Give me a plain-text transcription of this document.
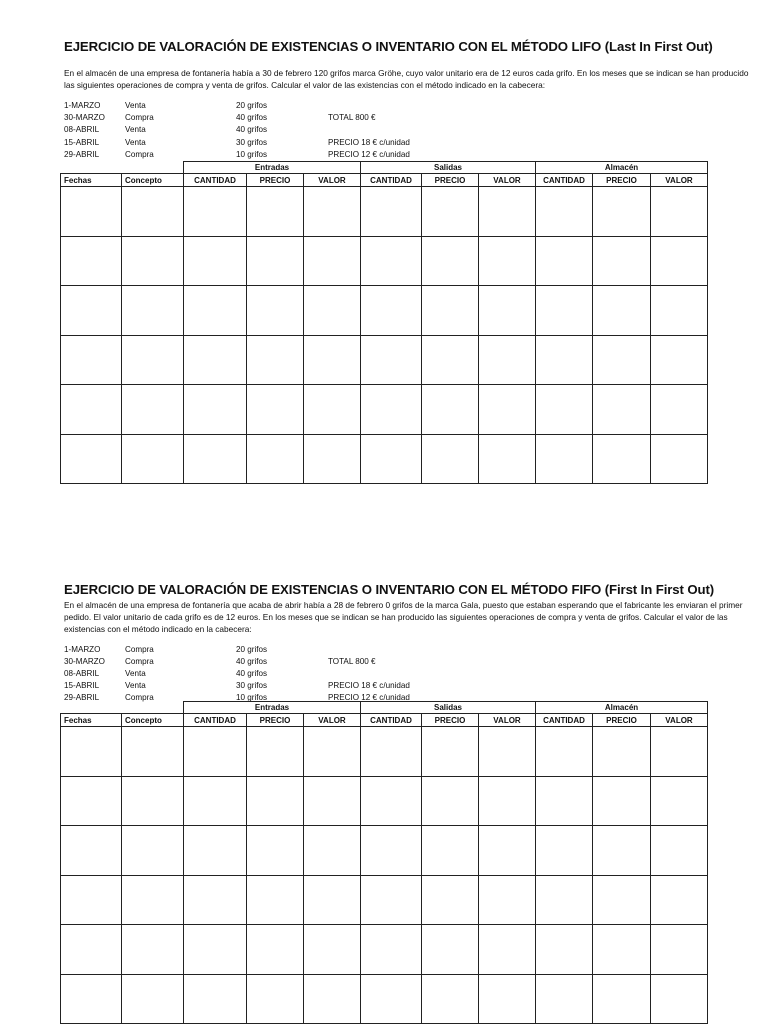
EJERCICIO DE VALORACIÓN DE EXISTENCIAS O INVENTARIO CON EL MÉTODO LIFO (Last In First Out)
En el almacén de una empresa de fontanería había a 30 de febrero 120 grifos marca Gröhe, cuyo valor unitario era de 12 euros cada grifo. En los meses que se indican se han producido las siguientes operaciones de compra y venta de grifos. Calcular el valor de las existencias con el método indicado en la cabecera:
1-MARZO	Venta	20 grifos
30-MARZO Compra	40 grifos	TOTAL 800 €
08-ABRIL	Venta	40 grifos
15-ABRIL	Venta	30 grifos	PRECIO 18 € c/unidad
29-ABRIL	Compra	10 grifos	PRECIO 12 € c/unidad
		Entradas			Salidas			Almacén		
Fechas	Concepto	CANTIDAD	PRECIO	VALOR	CANTIDAD	PRECIO	VALOR	CANTIDAD	PRECIO	VALOR

EJERCICIO DE VALORACIÓN DE EXISTENCIAS O INVENTARIO CON EL MÉTODO FIFO (First In First Out)
En el almacén de una empresa de fontanería que acaba de abrir había a 28 de febrero 0 grifos de la marca Gala, puesto que estaban esperando que el fabricante les enviaran el primer pedido. El valor unitario de cada grifo es de 12 euros. En los meses que se indican se han producido las siguientes operaciones de compra y venta de grifos. Calcular el valor de las existencias con el método indicado en la cabecera:
1-MARZO	Compra	20 grifos
30-MARZO Compra	40 grifos	TOTAL 800 €
08-ABRIL	Venta	40 grifos
15-ABRIL	Venta	30 grifos	PRECIO 18 € c/unidad
29-ABRIL	Compra	10 grifos	PRECIO 12 € c/unidad
		Entradas			Salidas			Almacén		
Fechas	Concepto	CANTIDAD	PRECIO	VALOR	CANTIDAD	PRECIO	VALOR	CANTIDAD	PRECIO	VALOR
